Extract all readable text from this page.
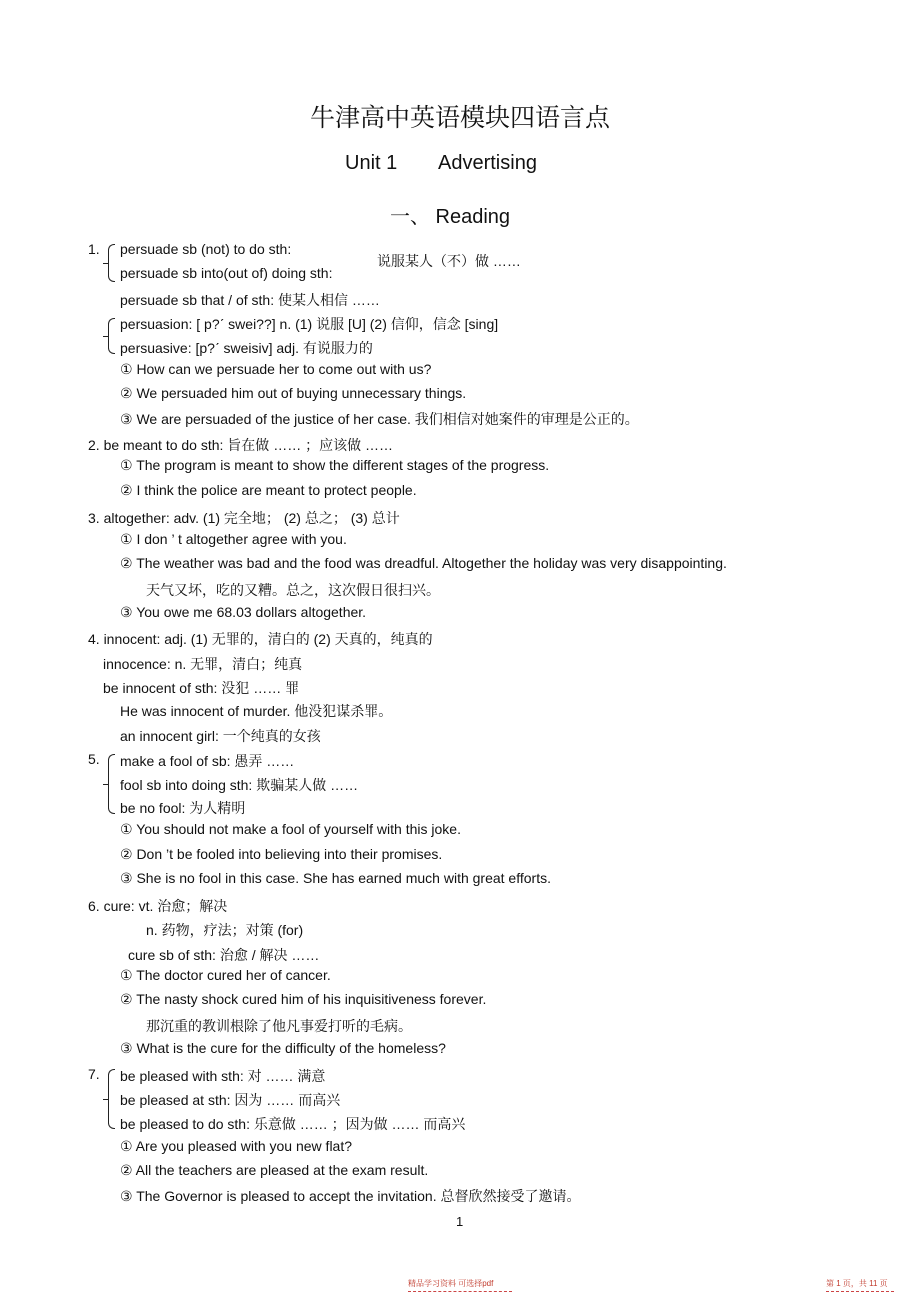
牛津高中英语模块四语言点
Unit 1 Advertising
一、 Reading
1. persuade sb (not) to do sth:
persuade sb into(out of) doing sth:
说服某人（不）做 ……
persuade sb that / of sth: 使某人相信 ……
persuasion: [ p?ˊ swei??] n. (1) 说服 [U] (2) 信仰，信念 [sing]
persuasive: [p?ˊ sweisiv] adj. 有说服力的
① How can we persuade her to come out with us?
② We persuaded him out of buying unnecessary things.
③ We are persuaded of the justice of her case. 我们相信对她案件的审理是公正的。
2. be meant to do sth: 旨在做 …… ；应该做 ……
① The program is meant to show the different stages of the progress.
② I think the police are meant to protect people.
3. altogether: adv. (1) 完全地； (2) 总之； (3) 总计
① I don ’ t altogether agree with you.
② The weather was bad and the food was dreadful. Altogether the holiday was very disappointing.
天气又坏，吃的又糟。总之，这次假日很扫兴。
③ You owe me 68.03 dollars altogether.
4. innocent: adj. (1) 无罪的，清白的 (2) 天真的，纯真的
innocence: n. 无罪，清白；纯真
be innocent of sth: 没犯 …… 罪
He was innocent of murder. 他没犯谋杀罪。
an innocent girl: 一个纯真的女孩
5. make a fool of sb: 愚弄 ……
fool sb into doing sth: 欺骗某人做 ……
be no fool: 为人精明
① You should not make a fool of yourself with this joke.
② Don ’t be fooled into believing into their promises.
③ She is no fool in this case. She has earned much with great efforts.
6. cure: vt. 治愈；解决
n. 药物，疗法；对策 (for)
cure sb of sth: 治愈 / 解决 ……
① The doctor cured her of cancer.
② The nasty shock cured him of his inquisitiveness forever.
那沉重的教训根除了他凡事爱打听的毛病。
③ What is the cure for the difficulty of the homeless?
7. be pleased with sth: 对 …… 满意
be pleased at sth: 因为 …… 而高兴
be pleased to do sth: 乐意做 …… ；因为做 …… 而高兴
① Are you pleased with you new flat?
② All the teachers are pleased at the exam result.
③ The Governor is pleased to accept the invitation. 总督欣然接受了邀请。
1
精品学习资料 可选择pdf	第 1 页，共 11 页
